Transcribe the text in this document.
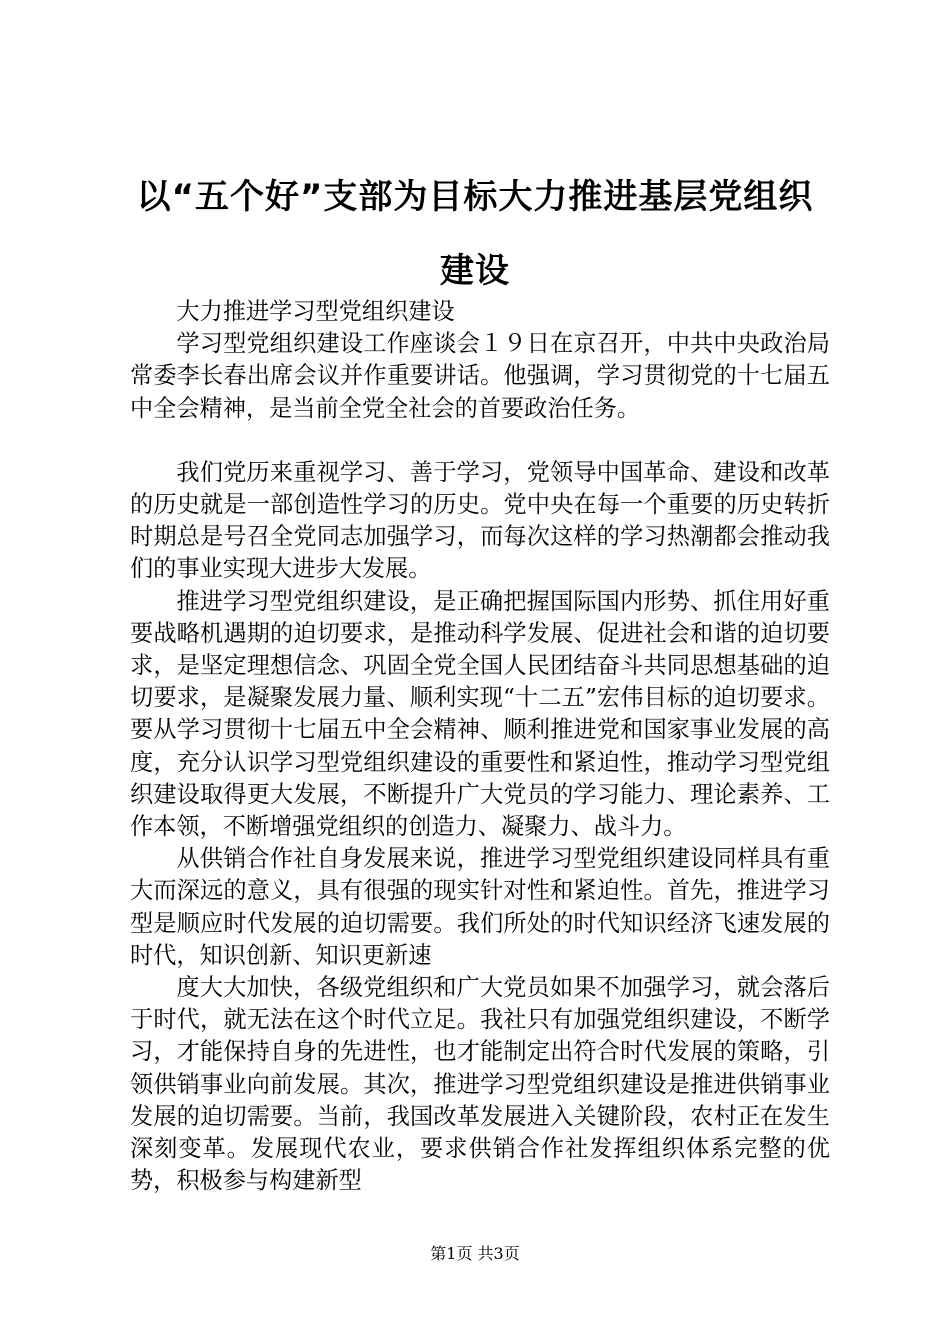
以“五个好”支部为目标大力推进基层党组织建设

大力推进学习型党组织建设

学习型党组织建设工作座谈会１９日在京召开，中共中央政治局常委李长春出席会议并作重要讲话。他强调，学习贯彻党的十七届五中全会精神，是当前全党全社会的首要政治任务。

我们党历来重视学习、善于学习，党领导中国革命、建设和改革的历史就是一部创造性学习的历史。党中央在每一个重要的历史转折时期总是号召全党同志加强学习，而每次这样的学习热潮都会推动我们的事业实现大进步大发展。

推进学习型党组织建设，是正确把握国际国内形势、抓住用好重要战略机遇期的迫切要求，是推动科学发展、促进社会和谐的迫切要求，是坚定理想信念、巩固全党全国人民团结奋斗共同思想基础的迫切要求，是凝聚发展力量、顺利实现“十二五”宏伟目标的迫切要求。要从学习贯彻十七届五中全会精神、顺利推进党和国家事业发展的高度，充分认识学习型党组织建设的重要性和紧迫性，推动学习型党组织建设取得更大发展，不断提升广大党员的学习能力、理论素养、工作本领，不断增强党组织的创造力、凝聚力、战斗力。

从供销合作社自身发展来说，推进学习型党组织建设同样具有重大而深远的意义，具有很强的现实针对性和紧迫性。首先，推进学习型是顺应时代发展的迫切需要。我们所处的时代知识经济飞速发展的时代，知识创新、知识更新速

度大大加快，各级党组织和广大党员如果不加强学习，就会落后于时代，就无法在这个时代立足。我社只有加强党组织建设，不断学习，才能保持自身的先进性，也才能制定出符合时代发展的策略，引领供销事业向前发展。其次，推进学习型党组织建设是推进供销事业发展的迫切需要。当前，我国改革发展进入关键阶段，农村正在发生深刻变革。发展现代农业，要求供销合作社发挥组织体系完整的优势，积极参与构建新型

第1页 共3页
